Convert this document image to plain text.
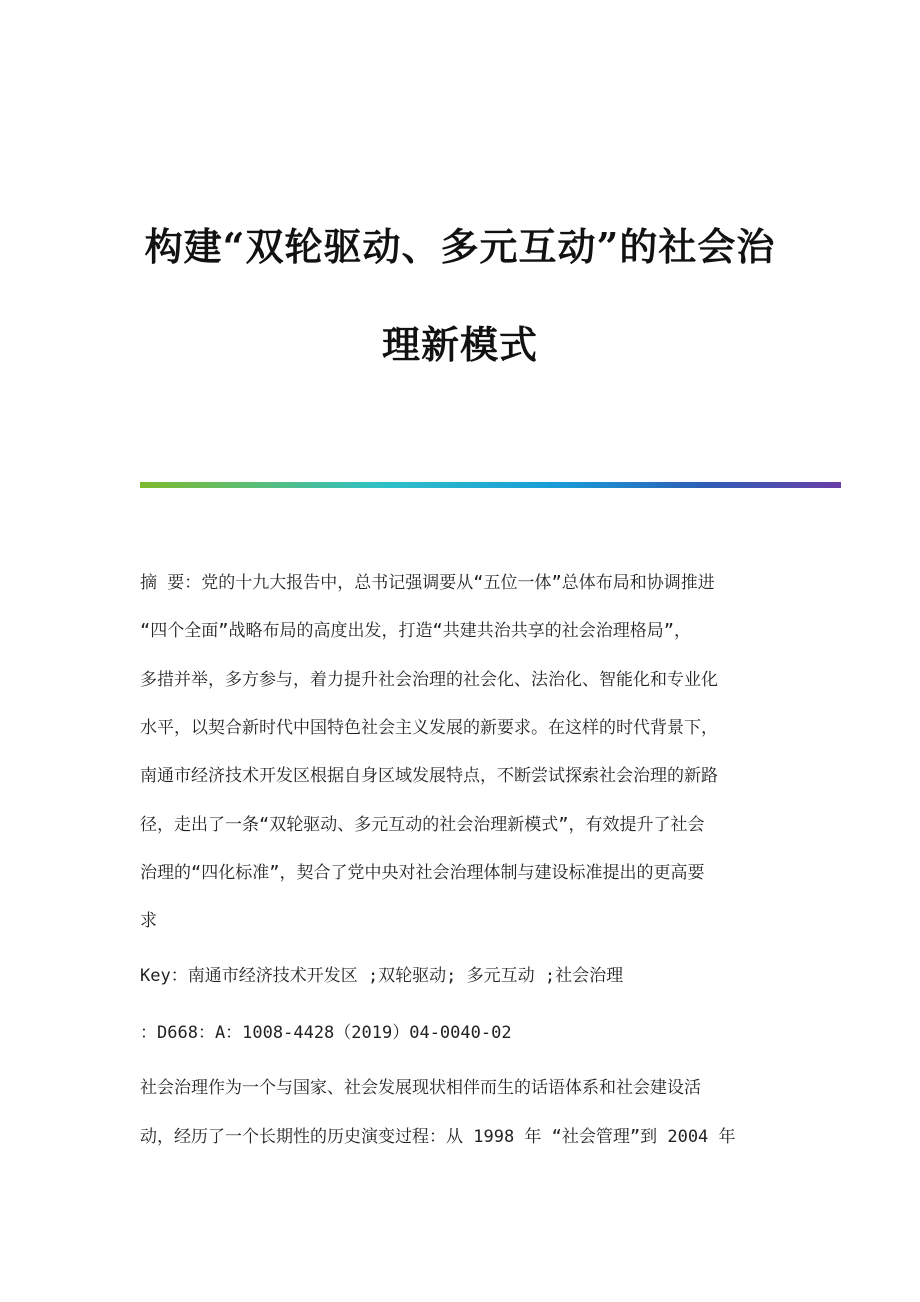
构建“双轮驱动、多元互动”的社会治
理新模式
摘 要：党的十九大报告中，总书记强调要从“五位一体”总体布局和协调推进
“四个全面”战略布局的高度出发，打造“共建共治共享的社会治理格局”，
多措并举，多方参与，着力提升社会治理的社会化、法治化、智能化和专业化
水平，以契合新时代中国特色社会主义发展的新要求。在这样的时代背景下，
南通市经济技术开发区根据自身区域发展特点，不断尝试探索社会治理的新路
径，走出了一条“双轮驱动、多元互动的社会治理新模式”，有效提升了社会
治理的“四化标准”，契合了党中央对社会治理体制与建设标准提出的更高要
求
Key：南通市经济技术开发区 ;双轮驱动; 多元互动 ;社会治理
：D668：A：1008-4428（2019）04-0040-02
社会治理作为一个与国家、社会发展现状相伴而生的话语体系和社会建设活
动，经历了一个长期性的历史演变过程：从 1998 年 “社会管理”到 2004 年
